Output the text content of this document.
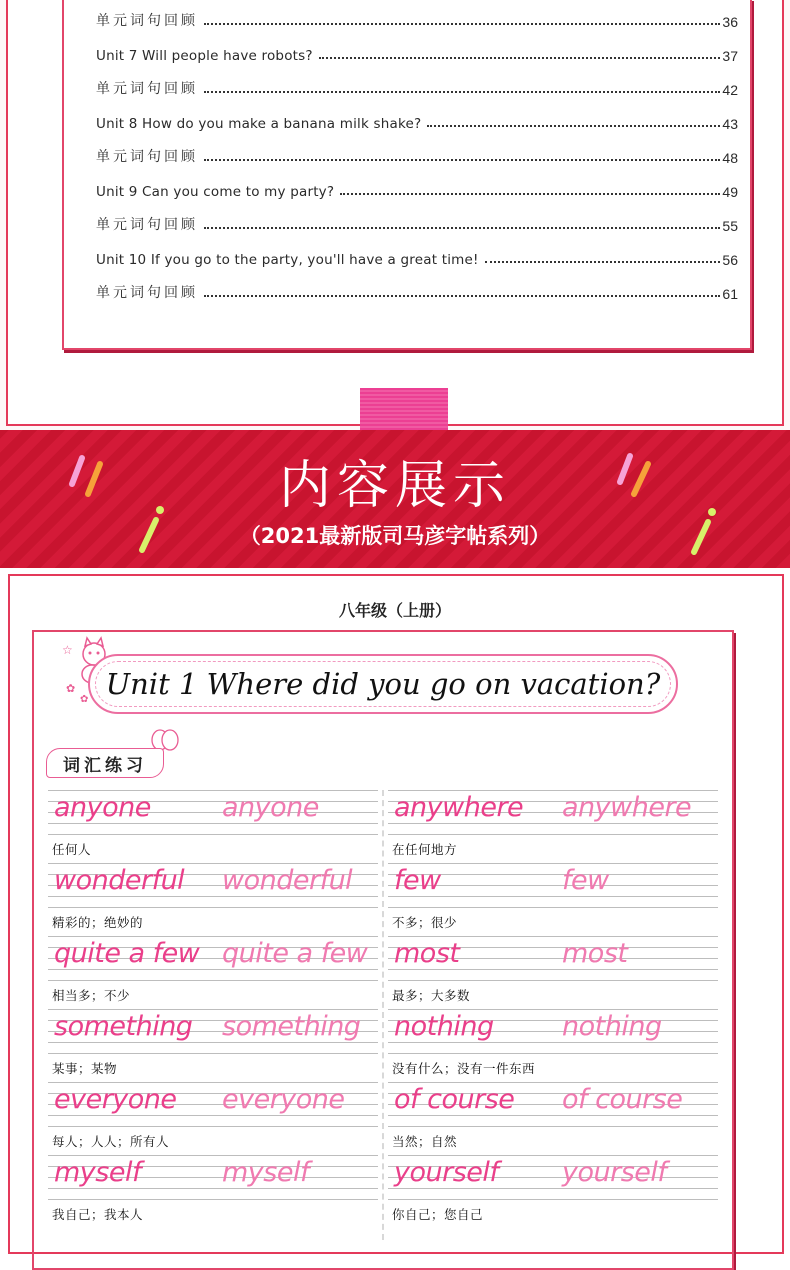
单元词句回顾	36
Unit 7 Will people have robots?	37
单元词句回顾	42
Unit 8 How do you make a banana milk shake?	43
单元词句回顾	48
Unit 9 Can you come to my party?	49
单元词句回顾	55
Unit 10 If you go to the party, you'll have a great time!	56
单元词句回顾	61
内容展示
（2021最新版司马彦字帖系列）
八年级（上册）
☆
✿
✿ Unit 1 Where did you go on vacation?
词汇练习
anyone	anyone
任何人
anywhere anywhere
在任何地方
wonderful wonderful
精彩的；绝妙的
few	few
不多；很少
quite a few quite a few
相当多；不少
most	most
最多；大多数
something something
某事；某物
nothing	nothing
没有什么；没有一件东西
everyone everyone
每人；人人；所有人
of course of course
当然；自然
myself	myself
我自己；我本人
yourself yourself
你自己；您自己
